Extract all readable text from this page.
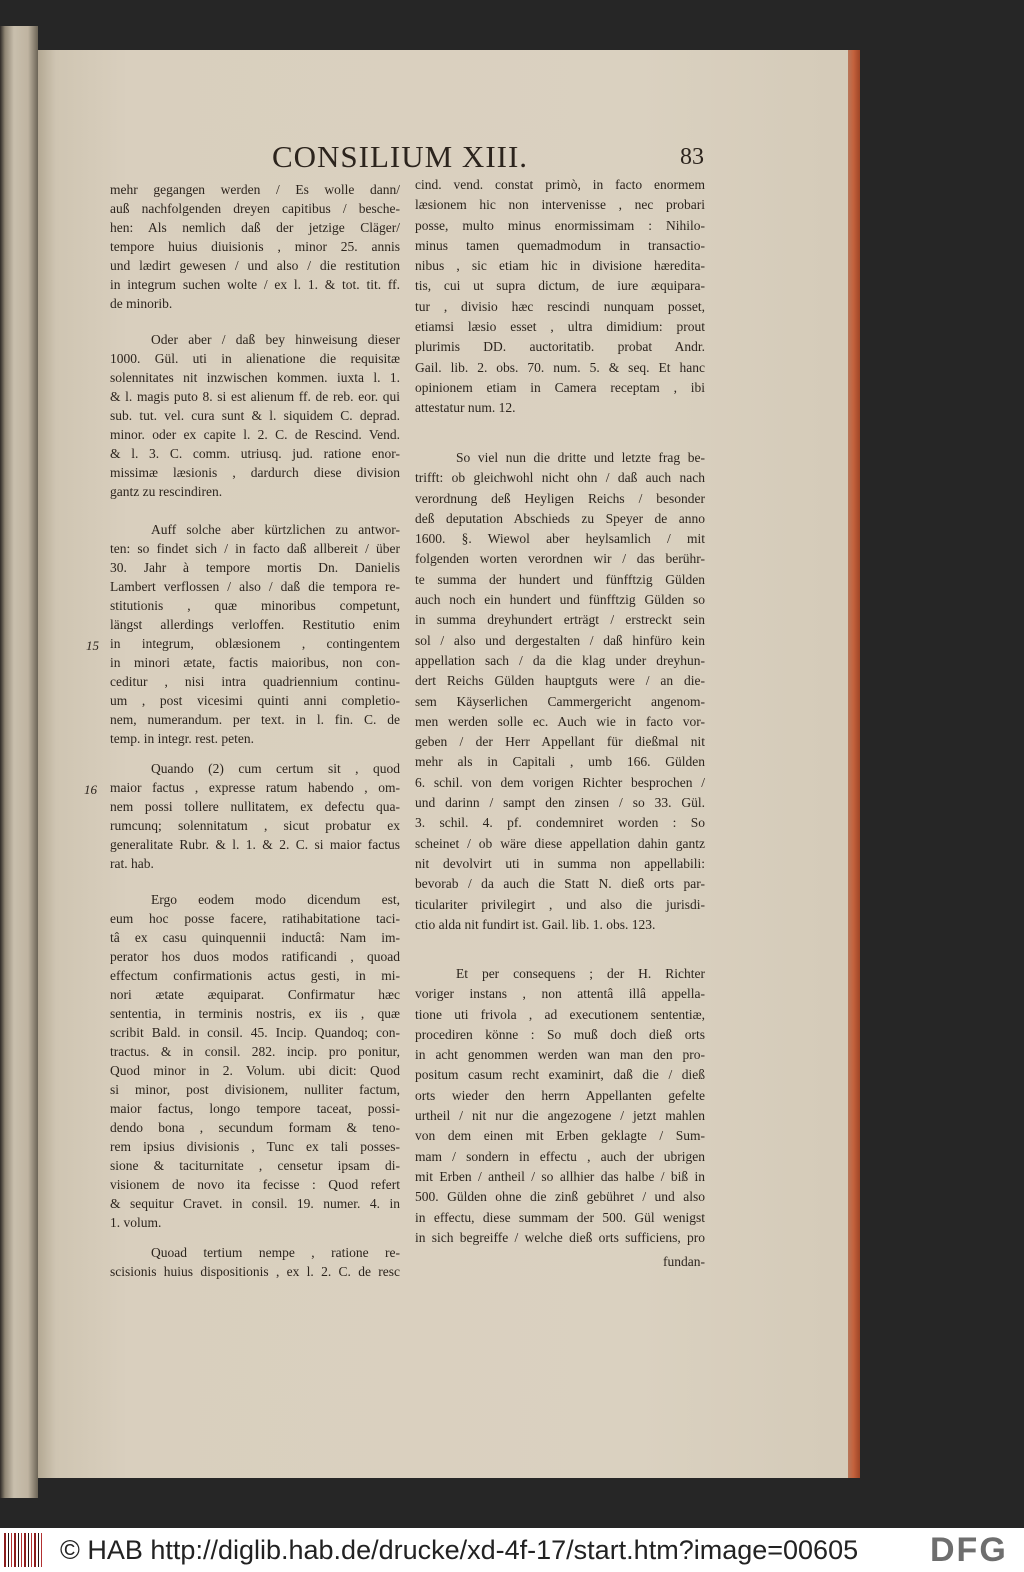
CONSILIUM XIII.	83
15
16
mehr gegangen werden / Es wolle dann/
auß nachfolgenden dreyen capitibus / besche-
hen: Als nemlich daß der jetzige Cläger/
tempore huius diuisionis , minor 25. annis
und lædirt gewesen / und also / die restitution
in integrum suchen wolte / ex l. 1. & tot. tit. ff.
de minorib.
Oder aber / daß bey hinweisung dieser
1000. Gül. uti in alienatione die requisitæ
solennitates nit inzwischen kommen. iuxta l. 1.
& l. magis puto 8. si est alienum ff. de reb. eor. qui
sub. tut. vel. cura sunt & l. siquidem C. deprad.
minor. oder ex capite l. 2. C. de Rescind. Vend.
& l. 3. C. comm. utriusq. jud. ratione enor-
missimæ læsionis , dardurch diese division
gantz zu rescindiren.
Auff solche aber kürtzlichen zu antwor-
ten: so findet sich / in facto daß allbereit / über
30. Jahr à tempore mortis Dn. Danielis
Lambert verflossen / also / daß die tempora re-
stitutionis , quæ minoribus competunt,
längst allerdings verloffen. Restitutio enim
in integrum, oblæsionem , contingentem
in minori ætate, factis maioribus, non con-
ceditur , nisi intra quadriennium continu-
um , post vicesimi quinti anni completio-
nem, numerandum. per text. in l. fin. C. de
temp. in integr. rest. peten.
Quando (2) cum certum sit , quod
maior factus , expresse ratum habendo , om-
nem possi tollere nullitatem, ex defectu qua-
rumcunq; solennitatum , sicut probatur ex
generalitate Rubr. & l. 1. & 2. C. si maior factus
rat. hab.
Ergo eodem modo dicendum est,
eum hoc posse facere, ratihabitatione taci-
tâ ex casu quinquennii inductâ: Nam im-
perator hos duos modos ratificandi , quoad
effectum confirmationis actus gesti, in mi-
nori ætate æquiparat. Confirmatur hæc
sententia, in terminis nostris, ex iis , quæ
scribit Bald. in consil. 45. Incip. Quandoq; con-
tractus. & in consil. 282. incip. pro ponitur,
Quod minor in 2. Volum. ubi dicit: Quod
si minor, post divisionem, nulliter factum,
maior factus, longo tempore taceat, possi-
dendo bona , secundum formam & teno-
rem ipsius divisionis , Tunc ex tali posses-
sione & taciturnitate , censetur ipsam di-
visionem de novo ita fecisse : Quod refert
& sequitur Cravet. in consil. 19. numer. 4. in
1. volum.
Quoad tertium nempe , ratione re-
scisionis huius dispositionis , ex l. 2. C. de resc
cind. vend. constat primò, in facto enormem
læsionem hic non intervenisse , nec probari
posse, multo minus enormissimam : Nihilo-
minus tamen quemadmodum in transactio-
nibus , sic etiam hic in divisione hæredita-
tis, cui ut supra dictum, de iure æquipara-
tur , divisio hæc rescindi nunquam posset,
etiamsi læsio esset , ultra dimidium: prout
plurimis DD. auctoritatib. probat Andr.
Gail. lib. 2. obs. 70. num. 5. & seq. Et hanc
opinionem etiam in Camera receptam , ibi
attestatur num. 12.
So viel nun die dritte und letzte frag be-
trifft: ob gleichwohl nicht ohn / daß auch nach
verordnung deß Heyligen Reichs / besonder
deß deputation Abschieds zu Speyer de anno
1600. §. Wiewol aber heylsamlich / mit
folgenden worten verordnen wir / das berühr-
te summa der hundert und fünfftzig Gülden
auch noch ein hundert und fünfftzig Gülden so
in summa dreyhundert erträgt / erstreckt sein
sol / also und dergestalten / daß hinfüro kein
appellation sach / da die klag under dreyhun-
dert Reichs Gülden hauptguts were / an die-
sem Käyserlichen Cammergericht angenom-
men werden solle ec. Auch wie in facto vor-
geben / der Herr Appellant für dießmal nit
mehr als in Capitali , umb 166. Gülden
6. schil. von dem vorigen Richter besprochen /
und darinn / sampt den zinsen / so 33. Gül.
3. schil. 4. pf. condemniret worden : So
scheinet / ob wäre diese appellation dahin gantz
nit devolvirt uti in summa non appellabili:
bevorab / da auch die Statt N. dieß orts par-
ticulariter privilegirt , und also die jurisdi-
ctio alda nit fundirt ist. Gail. lib. 1. obs. 123.
Et per consequens ; der H. Richter
voriger instans , non attentâ illâ appella-
tione uti frivola , ad executionem sententiæ,
procediren könne : So muß doch dieß orts
in acht genommen werden wan man den pro-
positum casum recht examinirt, daß die / dieß
orts wieder den herrn Appellanten gefelte
urtheil / nit nur die angezogene / jetzt mahlen
von dem einen mit Erben geklagte / Sum-
mam / sondern in effectu , auch der ubrigen
mit Erben / antheil / so allhier das halbe / biß in
500. Gülden ohne die zinß gebühret / und also
in effectu, diese summam der 500. Gül wenigst
in sich begreiffe / welche dieß orts sufficiens, pro
fundan-
© HAB http://diglib.hab.de/drucke/xd-4f-17/start.htm?image=00605 DFG
